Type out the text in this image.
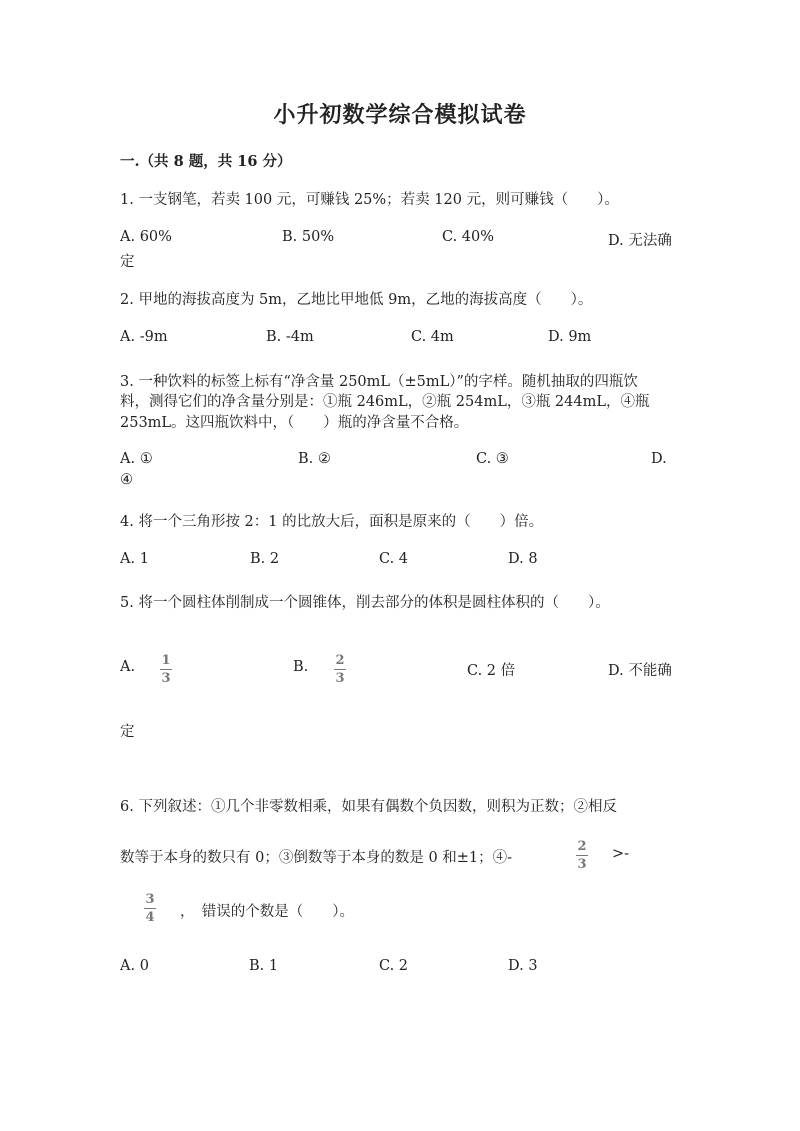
小升初数学综合模拟试卷
一.（共 8 题，共 16 分）
1. 一支钢笔，若卖 100 元，可赚钱 25%；若卖 120 元，则可赚钱（　　）。
A. 60%	B. 50%	C. 40%	D. 无法确
定
2. 甲地的海拔高度为 5m，乙地比甲地低 9m，乙地的海拔高度（　　）。
A. -9m	B. -4m	C. 4m	D. 9m
3. 一种饮料的标签上标有“净含量 250mL（±5mL）”的字样。随机抽取的四瓶饮
料，测得它们的净含量分别是：①瓶 246mL，②瓶 254mL，③瓶 244mL，④瓶
253mL。这四瓶饮料中，（　　）瓶的净含量不合格。
A. ①	B. ②	C. ③	D.
④
4. 将一个三角形按 2：1 的比放大后，面积是原来的（　　）倍。
A. 1	B. 2	C. 4	D. 8
5. 将一个圆柱体削制成一个圆锥体，削去部分的体积是圆柱体积的（　　）。
A. 1
3
B. 2
3	C. 2 倍	D. 不能确
定
6. 下列叙述：①几个非零数相乘，如果有偶数个负因数，则积为正数；②相反
数等于本身的数只有 0；③倒数等于本身的数是 0 和±1；④-
2
3
>-
3
4 ，　错误的个数是（　　）。
A. 0	B. 1	C. 2	D. 3
